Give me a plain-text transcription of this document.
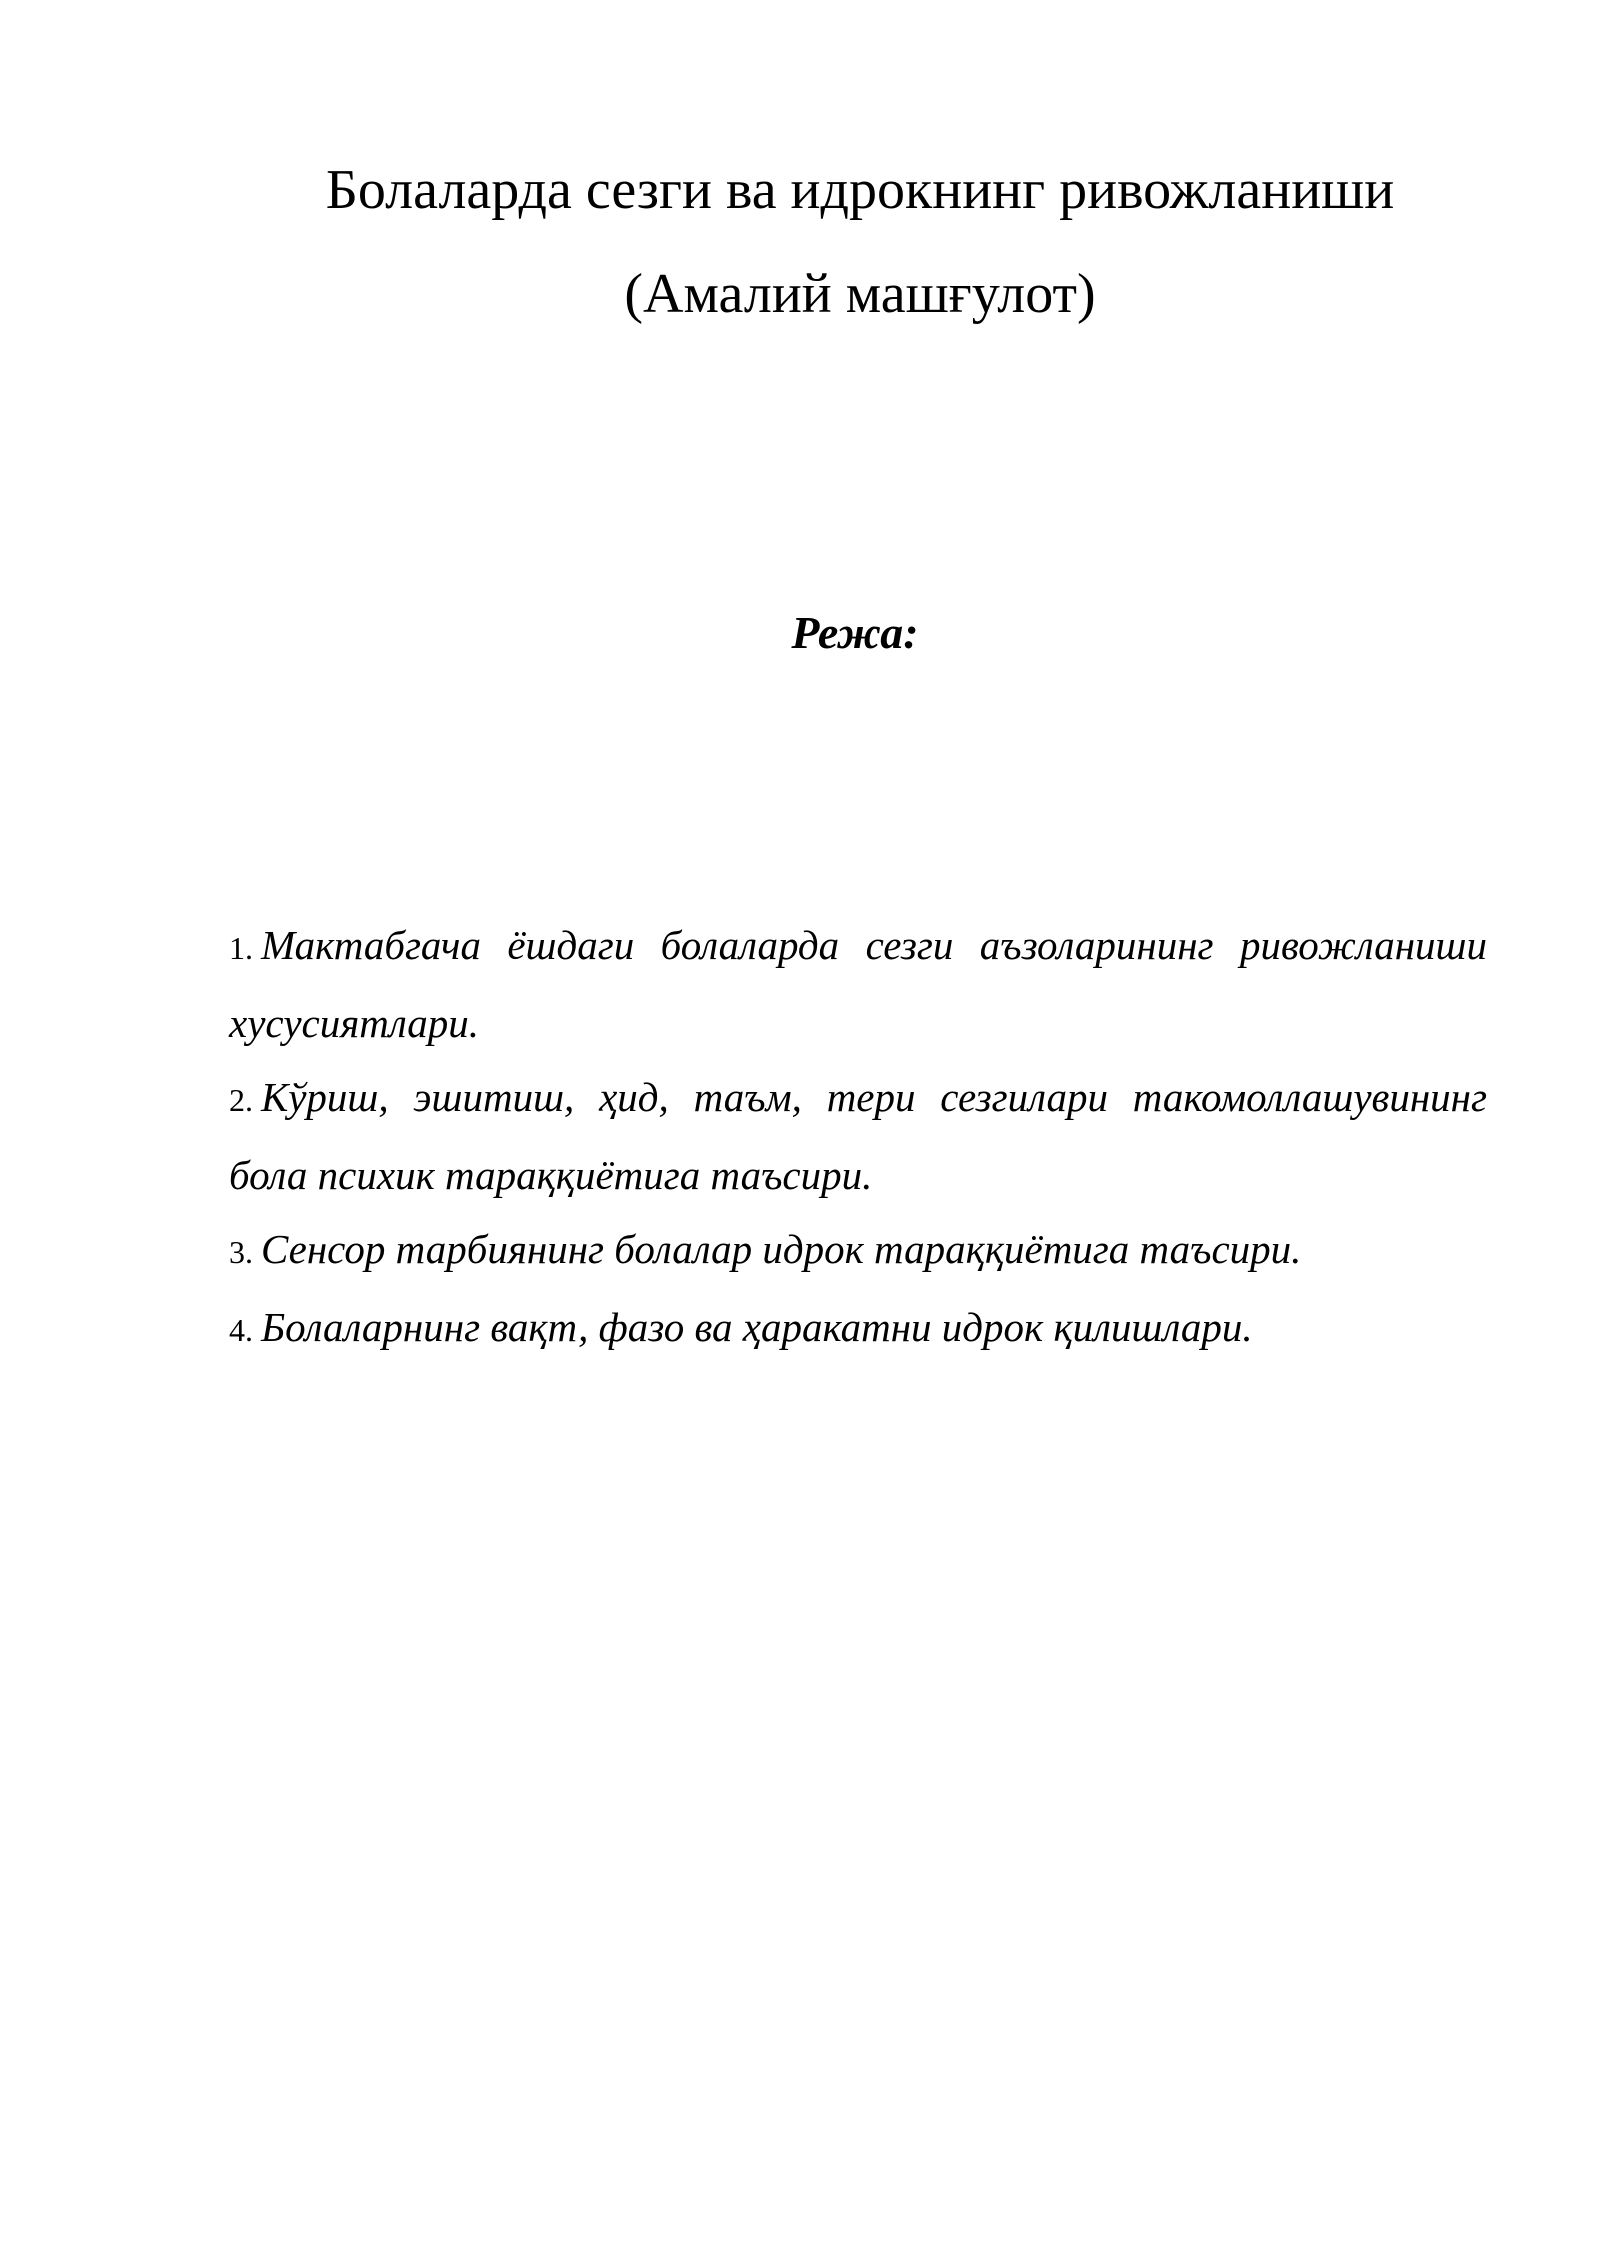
Болаларда сезги ва идрокнинг ривожланиши
(Амалий машғулот)
Режа:
1. Мактабгача ёшдаги болаларда сезги аъзоларининг ривожланиши хусусиятлари.
2. Кўриш, эшитиш, ҳид, таъм, тери сезгилари такомоллашувининг бола психик тараққиётига таъсири.
3. Сенсор тарбиянинг болалар идрок тараққиётига таъсири.
4. Болаларнинг вақт, фазо ва ҳаракатни идрок қилишлари.
